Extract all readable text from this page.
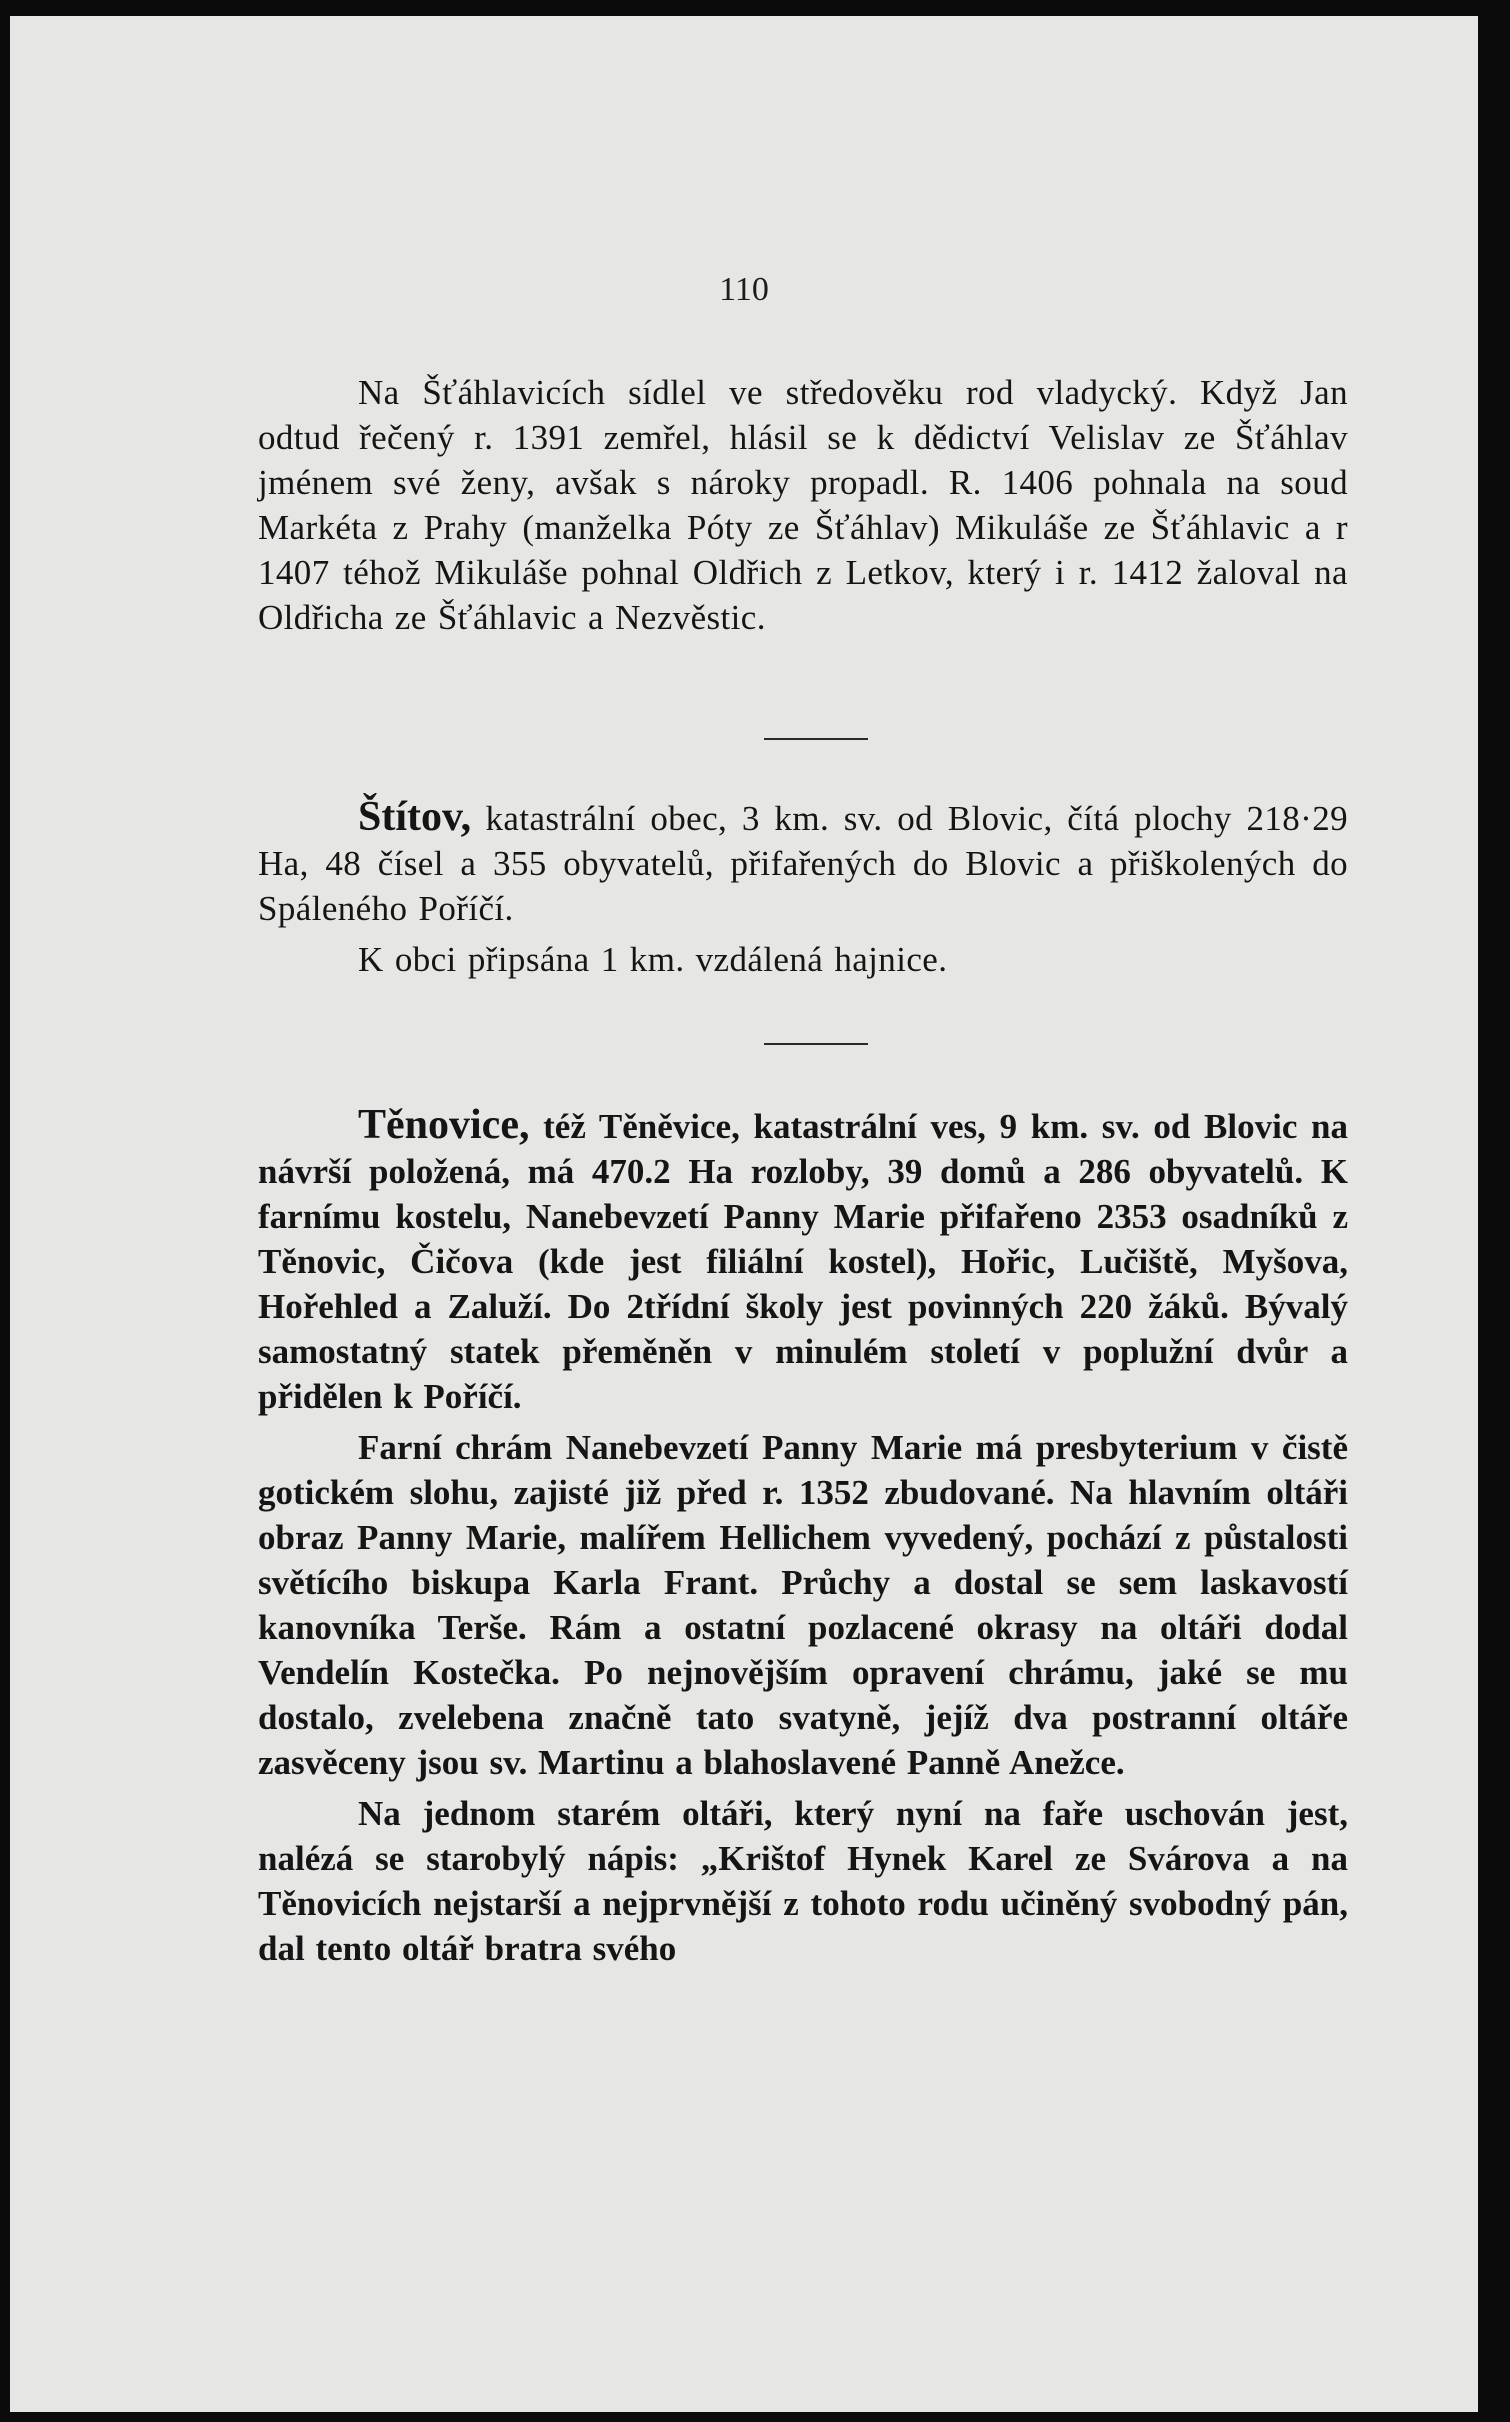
110

Na Šťáhlavicích sídlel ve středověku rod vladycký. Když Jan odtud řečený r. 1391 zemřel, hlásil se k dědictví Velislav ze Šťáhlav jménem své ženy, avšak s nároky propadl. R. 1406 pohnala na soud Markéta z Prahy (manželka Póty ze Šťáhlav) Mikuláše ze Šťáhlavic a r 1407 téhož Mikuláše pohnal Oldřich z Letkov, který i r. 1412 žaloval na Oldřicha ze Šťáhlavic a Nezvěstic.

Štítov, katastrální obec, 3 km. sv. od Blovic, čítá plochy 218·29 Ha, 48 čísel a 355 obyvatelů, přifařených do Blovic a přiškolených do Spáleného Poříčí.

K obci připsána 1 km. vzdálená hajnice.

Těnovice, též Těněvice, katastrální ves, 9 km. sv. od Blovic na návrší položená, má 470.2 Ha rozloby, 39 domů a 286 obyvatelů. K farnímu kostelu, Nanebevzetí Panny Marie přifařeno 2353 osadníků z Těnovic, Čičova (kde jest filiální kostel), Hořic, Lučiště, Myšova, Hořehled a Zaluží. Do 2třídní školy jest povinných 220 žáků. Bývalý samostatný statek přeměněn v minulém století v poplužní dvůr a přidělen k Poříčí.

Farní chrám Nanebevzetí Panny Marie má presbyterium v čistě gotickém slohu, zajisté již před r. 1352 zbudované. Na hlavním oltáři obraz Panny Marie, malířem Hellichem vyvedený, pochází z půstalosti světícího biskupa Karla Frant. Průchy a dostal se sem laskavostí kanovníka Terše. Rám a ostatní pozlacené okrasy na oltáři dodal Vendelín Kostečka. Po nejnovějším opravení chrámu, jaké se mu dostalo, zvelebena značně tato svatyně, jejíž dva postranní oltáře zasvěceny jsou sv. Martinu a blahoslavené Panně Anežce.

Na jednom starém oltáři, který nyní na faře uschován jest, nalézá se starobylý nápis: „Krištof Hynek Karel ze Svárova a na Těnovicích nejstarší a nejprvnější z tohoto rodu učiněný svobodný pán, dal tento oltář bratra svého
